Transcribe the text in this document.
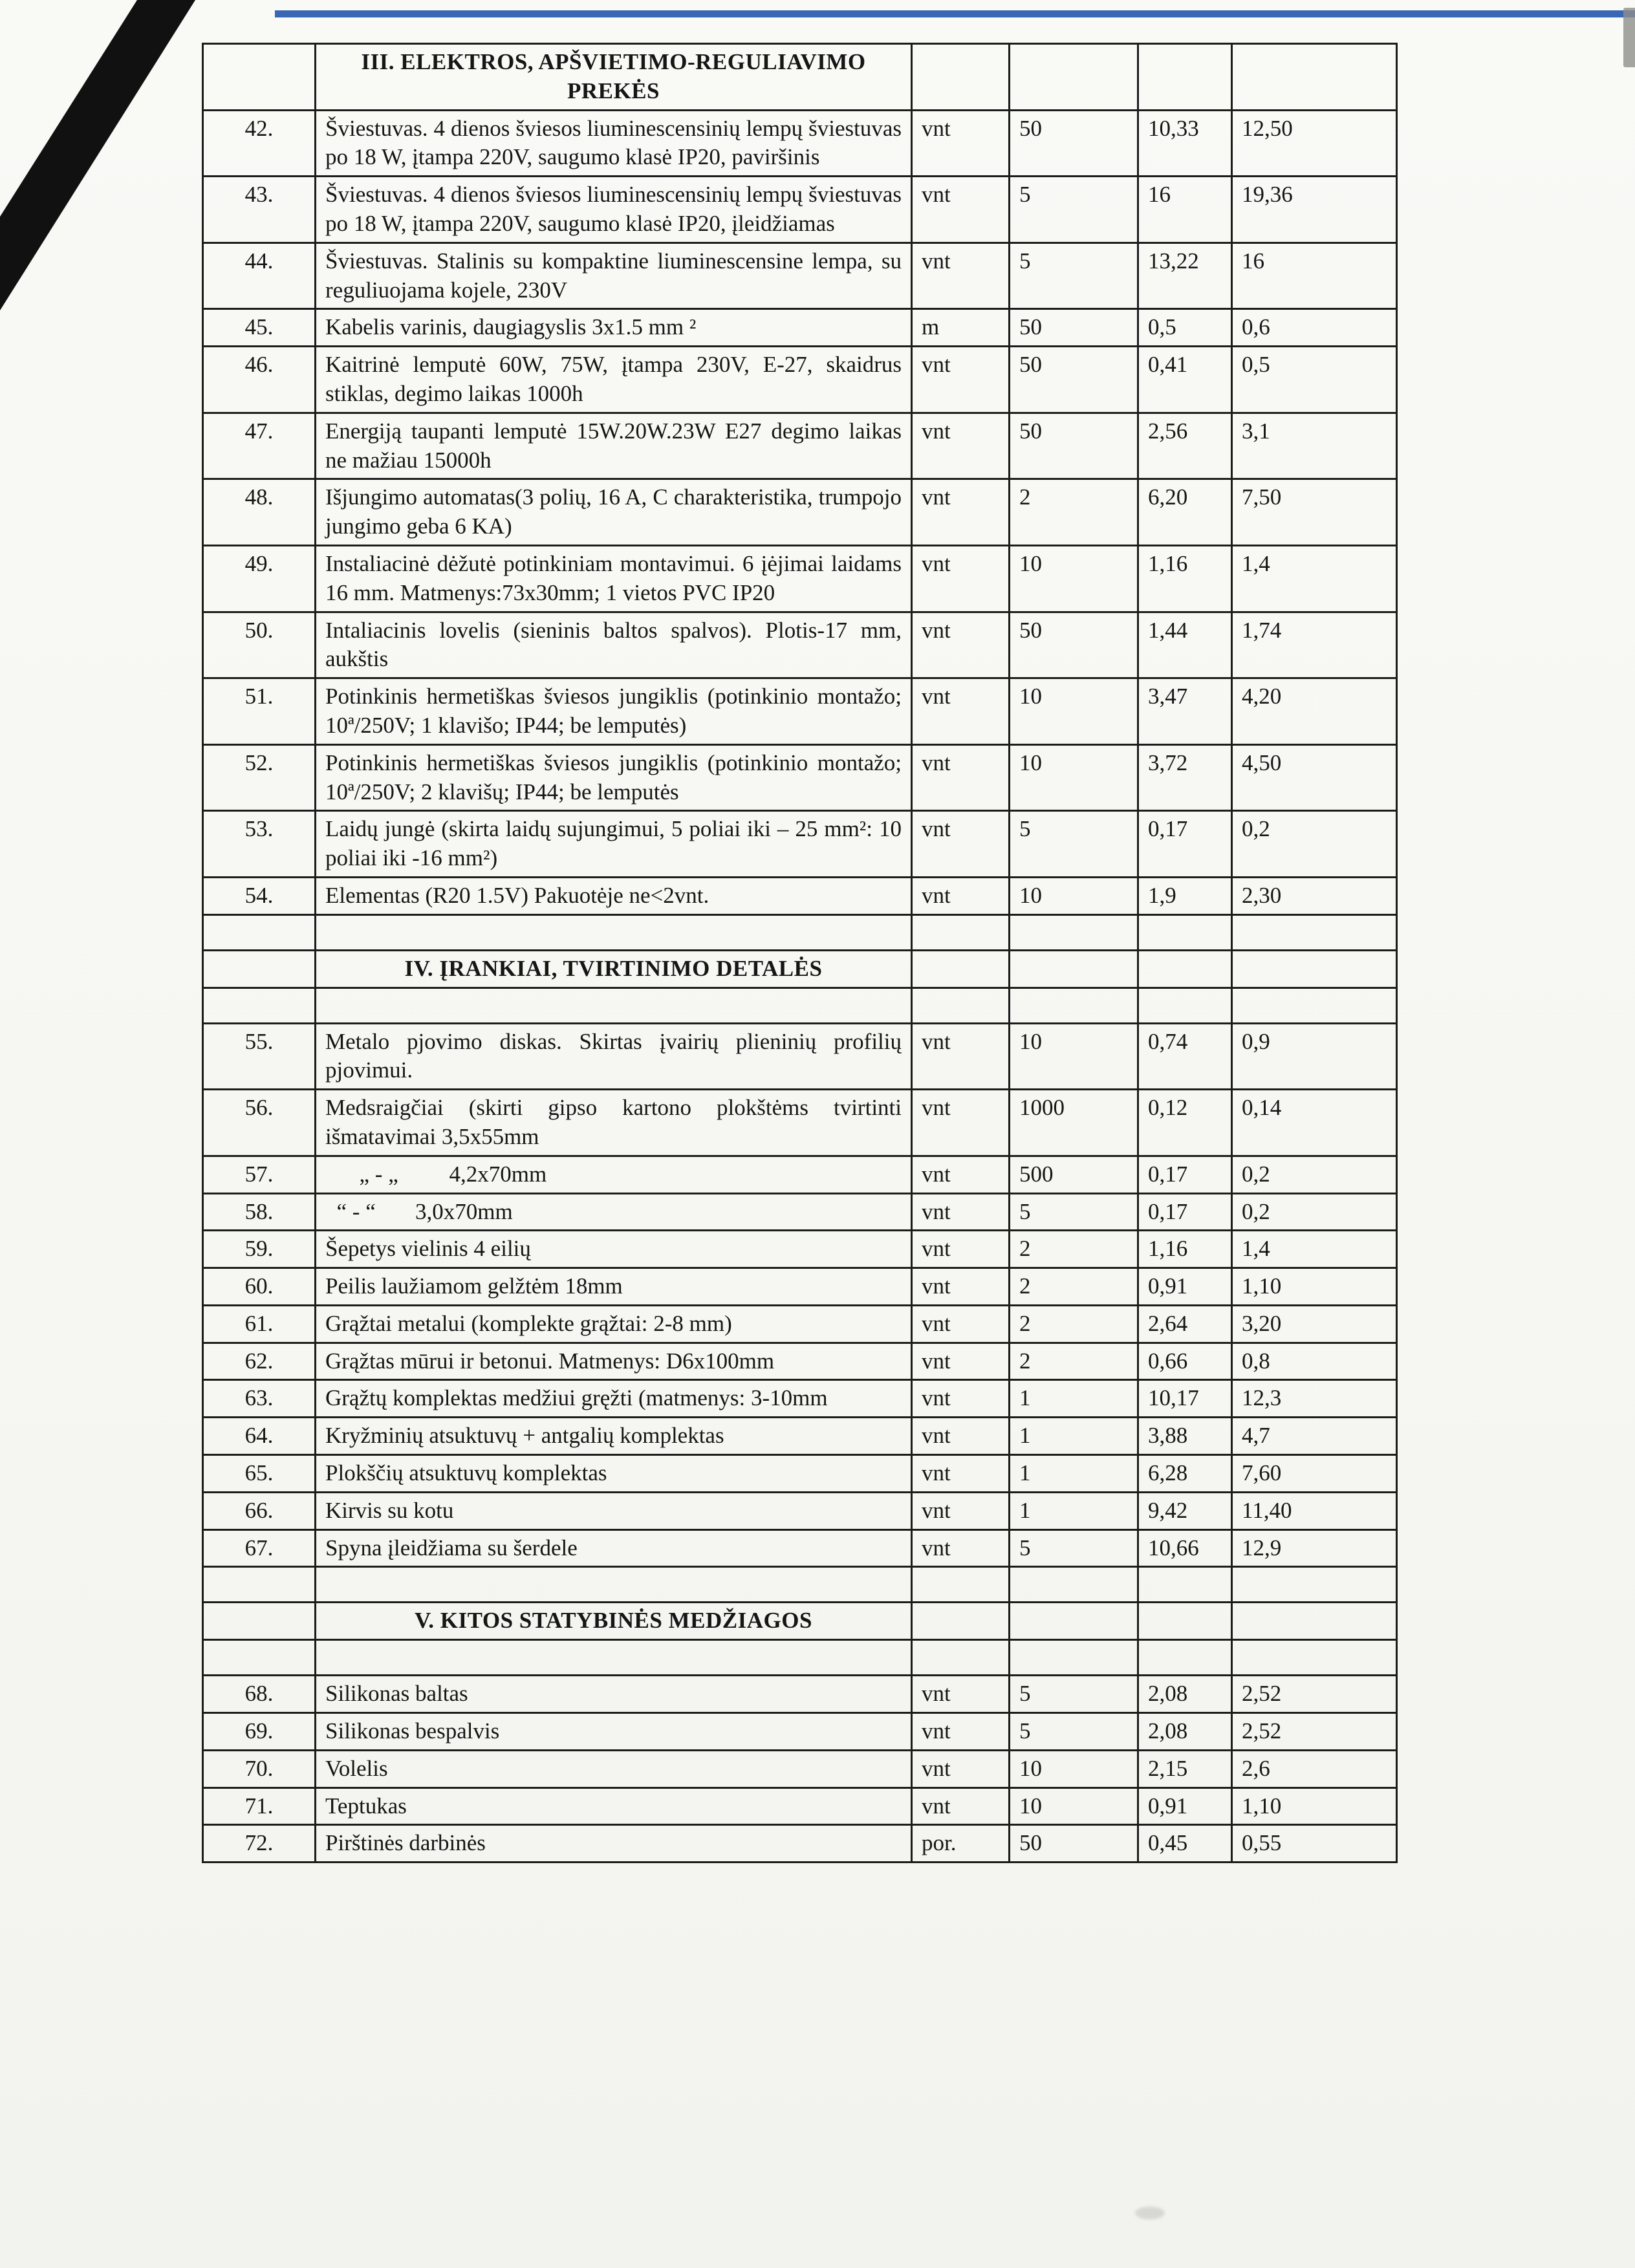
	III. ELEKTROS, APŠVIETIMO-REGULIAVIMO PREKĖS				
42.	Šviestuvas. 4 dienos šviesos liuminescensinių lempų šviestuvas po 18 W, įtampa 220V, saugumo klasė IP20, paviršinis	vnt	50	10,33	12,50
43.	Šviestuvas. 4 dienos šviesos liuminescensinių lempų šviestuvas po 18 W, įtampa 220V, saugumo klasė IP20, įleidžiamas	vnt	5	16	19,36
44.	Šviestuvas. Stalinis su kompaktine liuminescensine lempa, su reguliuojama kojele, 230V	vnt	5	13,22	16
45.	Kabelis varinis, daugiagyslis 3x1.5 mm ²	m	50	0,5	0,6
46.	Kaitrinė lemputė 60W, 75W, įtampa 230V, E-27, skaidrus stiklas, degimo laikas 1000h	vnt	50	0,41	0,5
47.	Energiją taupanti lemputė 15W.20W.23W E27 degimo laikas ne mažiau 15000h	vnt	50	2,56	3,1
48.	Išjungimo automatas(3 polių, 16 A, C charakteristika, trumpojo jungimo geba 6 KA)	vnt	2	6,20	7,50
49.	Instaliacinė dėžutė potinkiniam montavimui. 6 įėjimai laidams 16 mm. Matmenys:73x30mm; 1 vietos PVC IP20	vnt	10	1,16	1,4
50.	Intaliacinis lovelis (sieninis baltos spalvos). Plotis-17 mm, aukštis	vnt	50	1,44	1,74
51.	Potinkinis hermetiškas šviesos jungiklis (potinkinio montažo; 10ª/250V; 1 klavišo; IP44; be lemputės)	vnt	10	3,47	4,20
52.	Potinkinis hermetiškas šviesos jungiklis (potinkinio montažo; 10ª/250V; 2 klavišų; IP44; be lemputės	vnt	10	3,72	4,50
53.	Laidų jungė (skirta laidų sujungimui, 5 poliai iki – 25 mm²: 10 poliai iki -16 mm²)	vnt	5	0,17	0,2
54.	Elementas (R20 1.5V) Pakuotėje ne<2vnt.	vnt	10	1,9	2,30

	IV. ĮRANKIAI, TVIRTINIMO DETALĖS				

55.	Metalo pjovimo diskas. Skirtas įvairių plieninių profilių pjovimui.	vnt	10	0,74	0,9
56.	Medsraigčiai (skirti gipso kartono plokštėms tvirtinti išmatavimai 3,5x55mm	vnt	1000	0,12	0,14
57.	  „ - „   4,2x70mm	vnt	500	0,17	0,2
58.	 “ - “   3,0x70mm	vnt	5	0,17	0,2
59.	Šepetys vielinis 4 eilių	vnt	2	1,16	1,4
60.	Peilis laužiamom gelžtėm 18mm	vnt	2	0,91	1,10
61.	Grąžtai metalui (komplekte grąžtai: 2-8 mm)	vnt	2	2,64	3,20
62.	Grąžtas mūrui ir betonui. Matmenys: D6x100mm	vnt	2	0,66	0,8
63.	Grąžtų komplektas medžiui gręžti (matmenys: 3-10mm	vnt	1	10,17	12,3
64.	Kryžminių atsuktuvų + antgalių komplektas	vnt	1	3,88	4,7
65.	Plokščių atsuktuvų komplektas	vnt	1	6,28	7,60
66.	Kirvis su kotu	vnt	1	9,42	11,40
67.	Spyna įleidžiama su šerdele	vnt	5	10,66	12,9

	V. KITOS STATYBINĖS MEDŽIAGOS				

68.	Silikonas baltas	vnt	5	2,08	2,52
69.	Silikonas bespalvis	vnt	5	2,08	2,52
70.	Volelis	vnt	10	2,15	2,6
71.	Teptukas	vnt	10	0,91	1,10
72.	Pirštinės darbinės	por.	50	0,45	0,55
